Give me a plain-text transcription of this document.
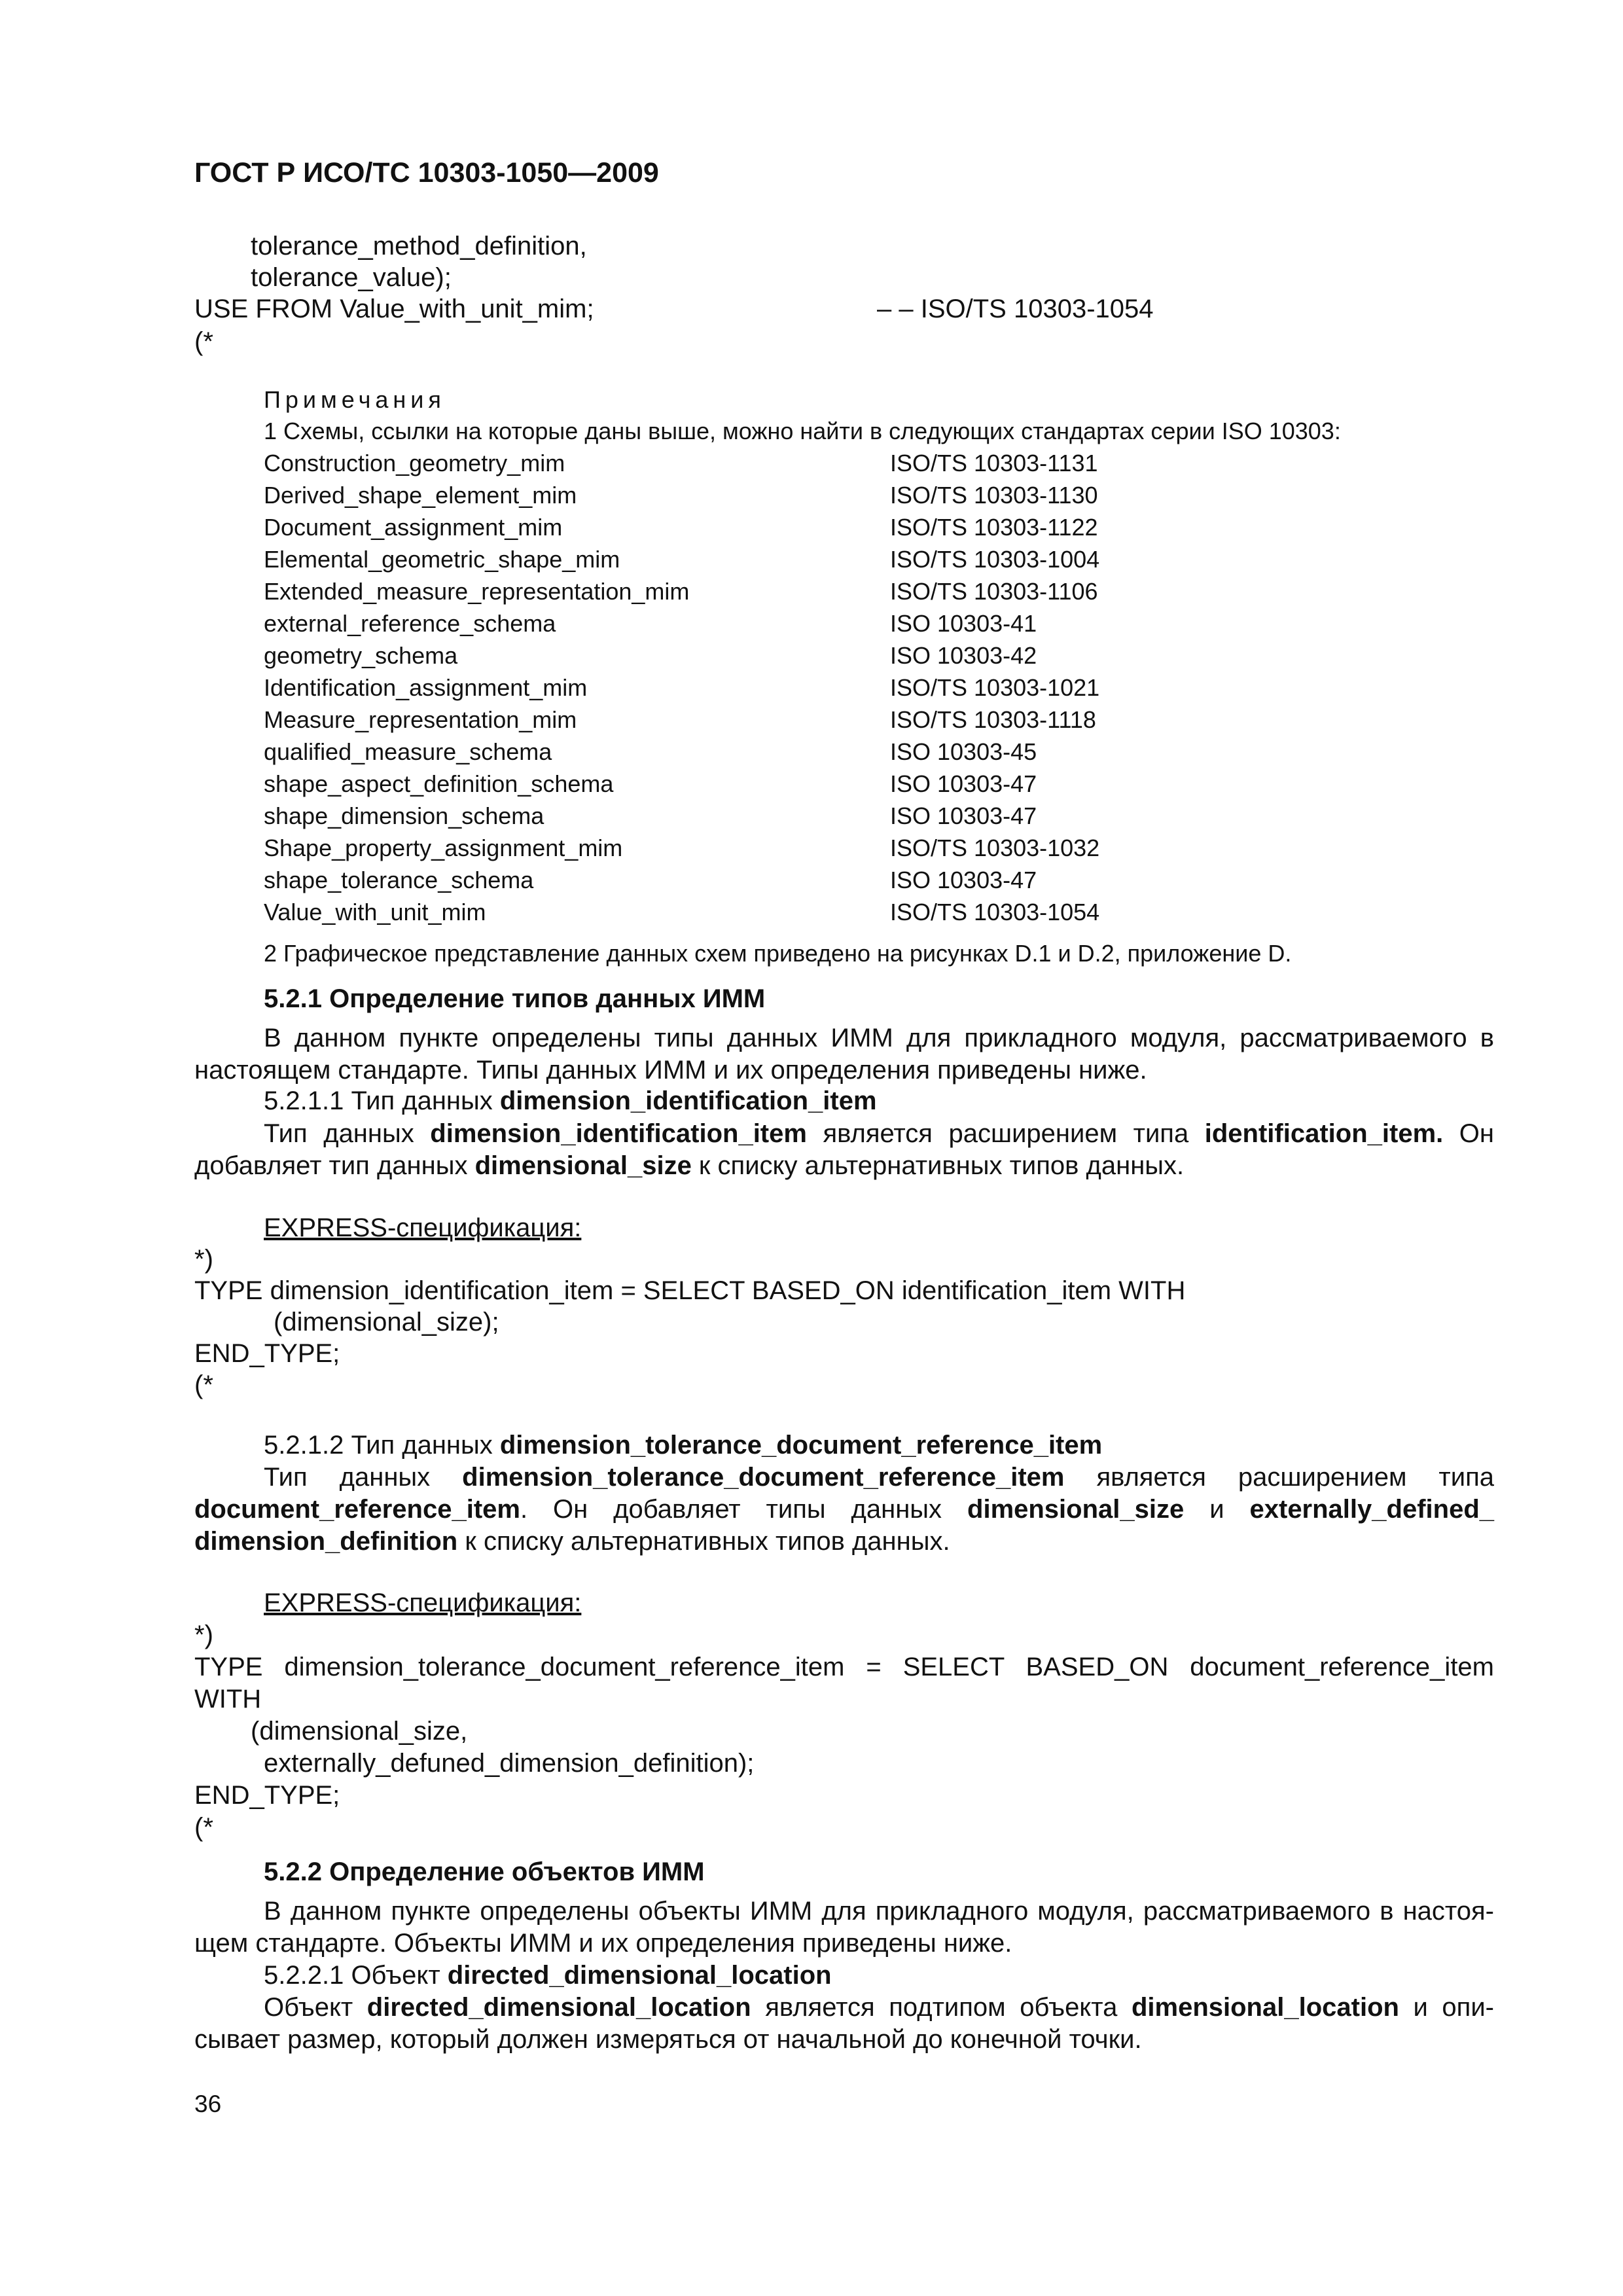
ГОСТ Р ИСО/ТС 10303-1050—2009
tolerance_method_definition,
tolerance_value);
USE FROM Value_with_unit_mim;	– – ISO/TS 10303-1054
(*
Примечания
1 Схемы, ссылки на которые даны выше, можно найти в следующих стандартах серии ISO 10303:
Construction_geometry_mim	ISO/TS 10303-1131
Derived_shape_element_mim	ISO/TS 10303-1130
Document_assignment_mim	ISO/TS 10303-1122
Elemental_geometric_shape_mim	ISO/TS 10303-1004
Extended_measure_representation_mim	ISO/TS 10303-1106
external_reference_schema	ISO 10303-41
geometry_schema	ISO 10303-42
Identification_assignment_mim	ISO/TS 10303-1021
Measure_representation_mim	ISO/TS 10303-1118
qualified_measure_schema	ISO 10303-45
shape_aspect_definition_schema	ISO 10303-47
shape_dimension_schema	ISO 10303-47
Shape_property_assignment_mim	ISO/TS 10303-1032
shape_tolerance_schema	ISO 10303-47
Value_with_unit_mim	ISO/TS 10303-1054
2 Графическое представление данных схем приведено на рисунках D.1 и D.2, приложение D.
5.2.1 Определение типов данных ИММ
В данном пункте определены типы данных ИММ для прикладного модуля, рассматриваемого в
настоящем стандарте. Типы данных ИММ и их определения приведены ниже.
5.2.1.1 Тип данных dimension_identification_item
Тип данных dimension_identification_item является расширением типа identification_item. Он
добавляет тип данных dimensional_size к списку альтернативных типов данных.
EXPRESS-спецификация:
*)
TYPE dimension_identification_item = SELECT BASED_ON identification_item WITH
(dimensional_size);
END_TYPE;
(*
5.2.1.2 Тип данных dimension_tolerance_document_reference_item
Тип данных dimension_tolerance_document_reference_item является расширением типа
document_reference_item. Он добавляет типы данных dimensional_size и externally_defined_
dimension_definition к списку альтернативных типов данных.
EXPRESS-спецификация:
*)
TYPE dimension_tolerance_document_reference_item = SELECT BASED_ON document_reference_item
WITH
(dimensional_size,
externally_defuned_dimension_definition);
END_TYPE;
(*
5.2.2 Определение объектов ИММ
В данном пункте определены объекты ИММ для прикладного модуля, рассматриваемого в настоя-
щем стандарте. Объекты ИММ и их определения приведены ниже.
5.2.2.1 Объект directed_dimensional_location
Объект directed_dimensional_location является подтипом объекта dimensional_location и опи-
сывает размер, который должен измеряться от начальной до конечной точки.
36
